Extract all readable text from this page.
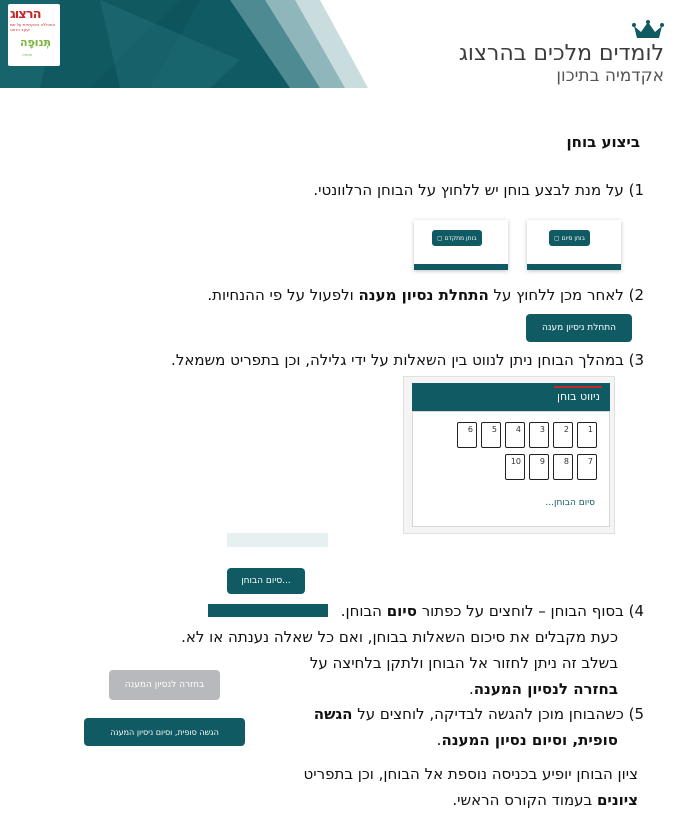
הרצוג
המכללה האקדמית על שם יעקב הרצוג
תְּנוּפָה
תנופה	לומדים מלכים בהרצוג
אקדמיה בתיכון
ביצוע בוחן
1) על מנת לבצע בוחן יש ללחוץ על הבוחן הרלוונטי.
▢ בוחן מתקדם	▢ בוחן סיום
2) לאחר מכן ללחוץ על התחלת נסיון מענה ולפעול על פי ההנחיות.
התחלת ניסיון מענה
3) במהלך הבוחן ניתן לנווט בין השאלות על ידי גלילה, וכן בתפריט משמאל.
ניווט בוחן
1
2
3
4
5
6
7
8
9
10
סיום הבוחן...
סיום הבוחן...
4) בסוף הבוחן – לוחצים על כפתור סיום הבוחן.
כעת מקבלים את סיכום השאלות בבוחן, ואם כל שאלה נענתה או לא.
בשלב זה ניתן לחזור אל הבוחן ולתקן בלחיצה על
בחזרה לנסיון המענה.
בחזרה לנסיון המענה
5) כשהבוחן מוכן להגשה לבדיקה, לוחצים על הגשה
סופית, וסיום נסיון המענה.
הגשה סופית, וסיום ניסיון המענה
ציון הבוחן יופיע בכניסה נוספת אל הבוחן, וכן בתפריט
ציונים בעמוד הקורס הראשי.
